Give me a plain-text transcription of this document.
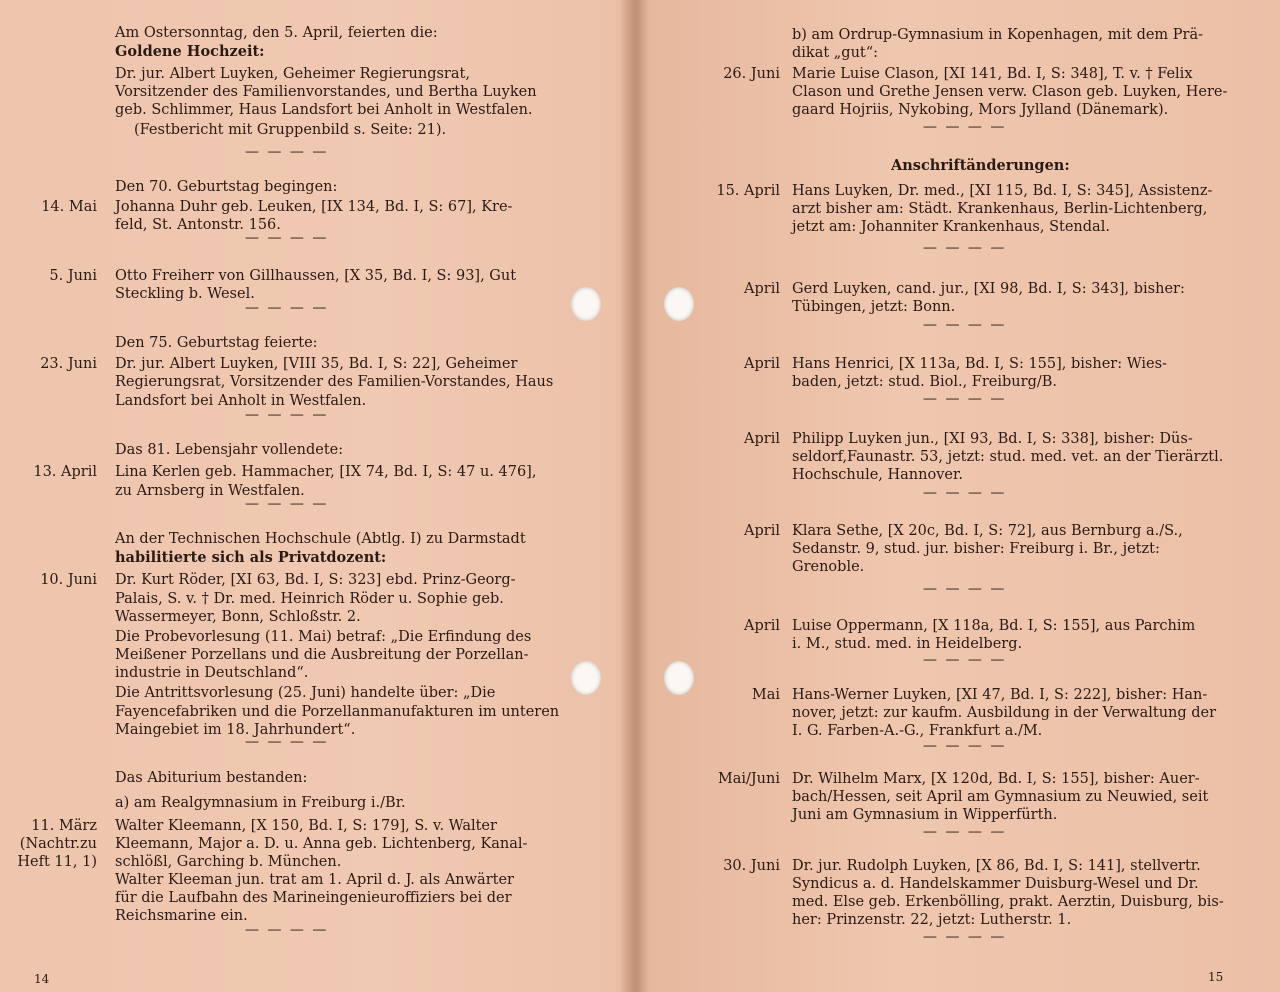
14
Am Ostersonntag, den 5. April, feierten die:
Goldene Hochzeit:
Dr. jur. Albert Luyken, Geheimer Regierungsrat,
Vorsitzender des Familienvorstandes, und Bertha Luyken
geb. Schlimmer, Haus Landsfort bei Anholt in Westfalen.
(Festbericht mit Gruppenbild s. Seite: 21).
Den 70. Geburtstag begingen:
14. Mai Johanna Duhr geb. Leuken, [IX 134, Bd. I, S: 67], Kre-
feld, St. Antonstr. 156.
5. Juni Otto Freiherr von Gillhaussen, [X 35, Bd. I, S: 93], Gut
Steckling b. Wesel.
Den 75. Geburtstag feierte:
23. Juni Dr. jur. Albert Luyken, [VIII 35, Bd. I, S: 22], Geheimer
Regierungsrat, Vorsitzender des Familien-Vorstandes, Haus
Landsfort bei Anholt in Westfalen.
Das 81. Lebensjahr vollendete:
13. April Lina Kerlen geb. Hammacher, [IX 74, Bd. I, S: 47 u. 476],
zu Arnsberg in Westfalen.
An der Technischen Hochschule (Abtlg. I) zu Darmstadt
habilitierte sich als Privatdozent:
10. Juni Dr. Kurt Röder, [XI 63, Bd. I, S: 323] ebd. Prinz-Georg-
Palais, S. v. † Dr. med. Heinrich Röder u. Sophie geb.
Wassermeyer, Bonn, Schloßstr. 2.
Die Probevorlesung (11. Mai) betraf: „Die Erfindung des
Meißener Porzellans und die Ausbreitung der Porzellan-
industrie in Deutschland“.
Die Antrittsvorlesung (25. Juni) handelte über: „Die
Fayencefabriken und die Porzellanmanufakturen im unteren
Maingebiet im 18. Jahrhundert“.
Das Abiturium bestanden:
a) am Realgymnasium in Freiburg i./Br.
11. März Walter Kleemann, [X 150, Bd. I, S: 179], S. v. Walter
(Nachtr.zu Kleemann, Major a. D. u. Anna geb. Lichtenberg, Kanal-
Heft 11, 1) schlößl, Garching b. München.
Walter Kleeman jun. trat am 1. April d. J. als Anwärter
für die Laufbahn des Marineingenieuroffiziers bei der
Reichsmarine ein.
— — — —
— — — —
— — — —
— — — —
— — — —
— — — —
— — — —
15
b) am Ordrup-Gymnasium in Kopenhagen, mit dem Prä-
dikat „gut“:
26. Juni Marie Luise Clason, [XI 141, Bd. I, S: 348], T. v. † Felix
Clason und Grethe Jensen verw. Clason geb. Luyken, Here-
gaard Hojriis, Nykobing, Mors Jylland (Dänemark).
Anschriftänderungen:
15. April Hans Luyken, Dr. med., [XI 115, Bd. I, S: 345], Assistenz-
arzt bisher am: Städt. Krankenhaus, Berlin-Lichtenberg,
jetzt am: Johanniter Krankenhaus, Stendal.
April Gerd Luyken, cand. jur., [XI 98, Bd. I, S: 343], bisher:
Tübingen, jetzt: Bonn.
April Hans Henrici, [X 113a, Bd. I, S: 155], bisher: Wies-
baden, jetzt: stud. Biol., Freiburg/B.
April Philipp Luyken jun., [XI 93, Bd. I, S: 338], bisher: Düs-
seldorf,Faunastr. 53, jetzt: stud. med. vet. an der Tierärztl.
Hochschule, Hannover.
April Klara Sethe, [X 20c, Bd. I, S: 72], aus Bernburg a./S.,
Sedanstr. 9, stud. jur. bisher: Freiburg i. Br., jetzt:
Grenoble.
April Luise Oppermann, [X 118a, Bd. I, S: 155], aus Parchim
i. M., stud. med. in Heidelberg.
Mai Hans-Werner Luyken, [XI 47, Bd. I, S: 222], bisher: Han-
nover, jetzt: zur kaufm. Ausbildung in der Verwaltung der
I. G. Farben-A.-G., Frankfurt a./M.
Mai/Juni Dr. Wilhelm Marx, [X 120d, Bd. I, S: 155], bisher: Auer-
bach/Hessen, seit April am Gymnasium zu Neuwied, seit
Juni am Gymnasium in Wipperfürth.
30. Juni Dr. jur. Rudolph Luyken, [X 86, Bd. I, S: 141], stellvertr.
Syndicus a. d. Handelskammer Duisburg-Wesel und Dr.
med. Else geb. Erkenbölling, prakt. Aerztin, Duisburg, bis-
her: Prinzenstr. 22, jetzt: Lutherstr. 1.
— — — —
— — — —
— — — —
— — — —
— — — —
— — — —
— — — —
— — — —
— — — —
— — — —
